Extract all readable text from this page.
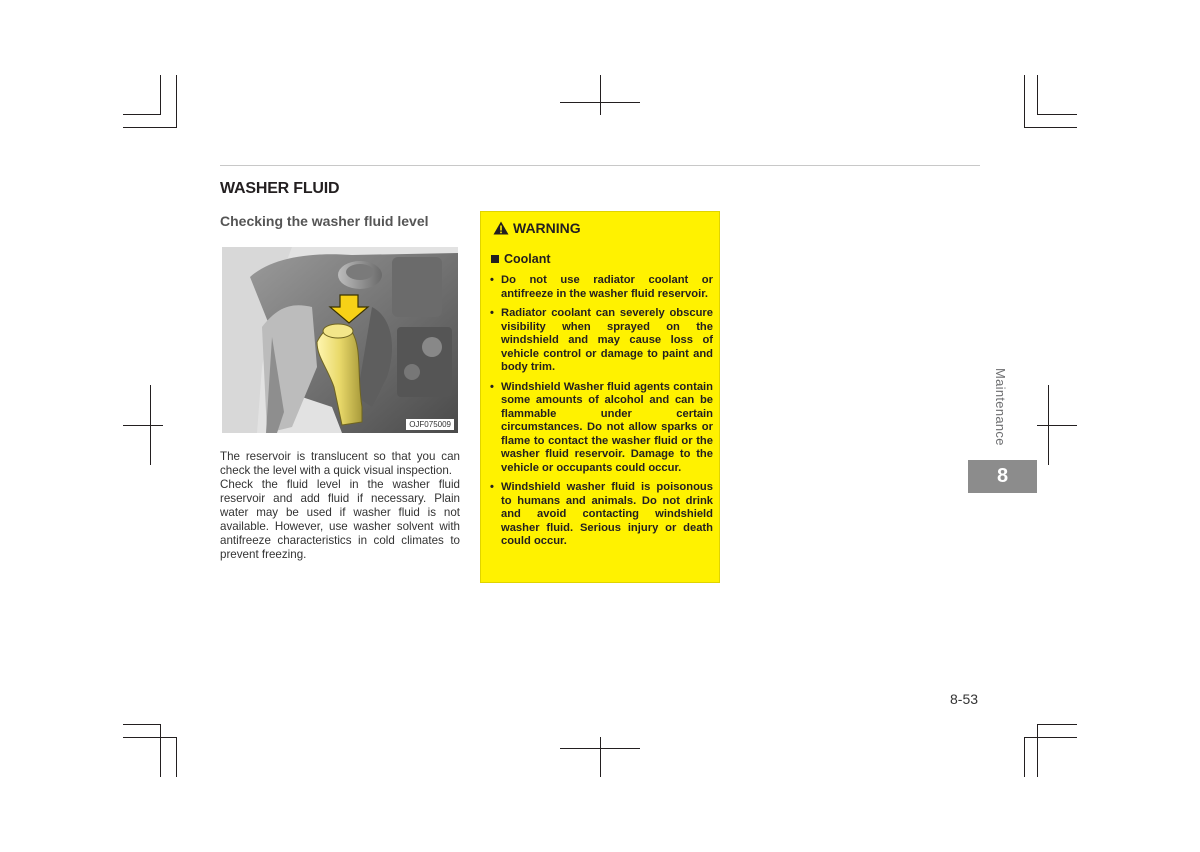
WASHER FLUID
Checking the washer fluid level
OJF075009

The reservoir is translucent so that you can check the level with a quick visual inspection.

Check the fluid level in the washer fluid reservoir and add fluid if necessary. Plain water may be used if washer fluid is not available. However, use washer solvent with antifreeze characteristics in cold climates to prevent freezing.

WARNING
Coolant
• Do not use radiator coolant or antifreeze in the washer fluid reservoir.
• Radiator coolant can severely obscure visibility when sprayed on the windshield and may cause loss of vehicle control or damage to paint and body trim.
• Windshield Washer fluid agents contain some amounts of alcohol and can be flammable under certain circumstances. Do not allow sparks or flame to contact the washer fluid or the washer fluid reservoir. Damage to the vehicle or occupants could occur.
• Windshield washer fluid is poisonous to humans and animals. Do not drink and avoid contacting windshield washer fluid. Serious injury or death could occur.
Maintenance
8
8-53
